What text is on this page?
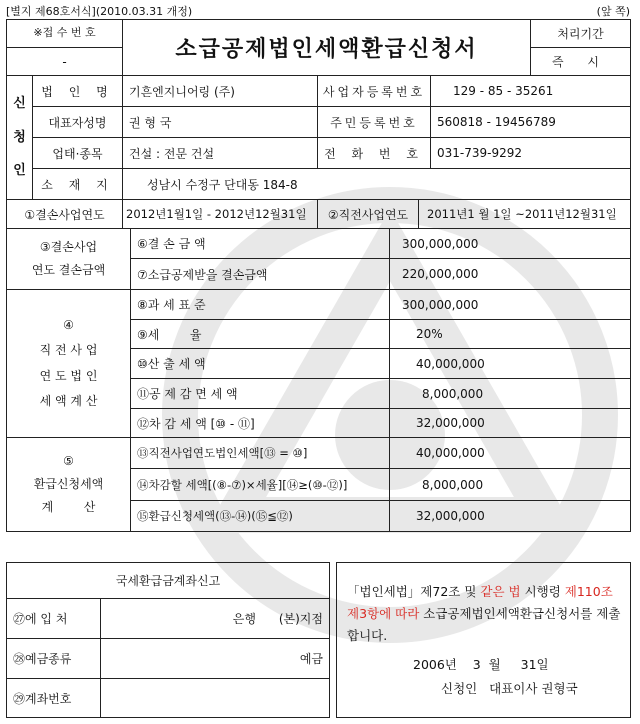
[별지 제68호서식](2010.03.31 개정)	(앞 쪽)
※접 수 번 호
-	소급공제법인세액환급신청서
처리기간
즉 시
신
청
인
법 인 명	기흔엔지니어링 (주)	사업자등록번호	129 - 85 - 35261
대표자성명	권 형 국	주민등록번호	560818 - 19456789
업태·종목	건설 : 전문 건설	전 화 번 호	031-739-9292
소 재 지	성남시 수정구 단대동 184-8
①결손사업연도	2012년1월1일 - 2012년12월31일	②직전사업연도	2011년1 월 1일 ~2011년12월31일
③결손사업
연도 결손금액
⑥결 손 금 액	300,000,000
⑦소급공제받을 결손금액	220,000,000
④
직 전 사 업
연 도 법 인
세 액 계 산
⑧과 세 표 준	300,000,000
⑨세        율	20%
⑩산 출 세 액	40,000,000
⑪공 제 감 면 세 액	8,000,000
⑫차 감 세 액 [⑩ - ⑪]	32,000,000
⑤
환급신청세액
계        산
⑬직전사업연도법인세액[⑬ = ⑩]	40,000,000
⑭차감할 세액[(⑧-⑦)×세율][⑭≥(⑩-⑫)]	8,000,000
⑮환급신청세액(⑬-⑭)(⑮≦⑫)	32,000,000
국세환급금계좌신고
㉗에 입 처	은행      (본)지점
㉘예금종류	예금
㉙계좌번호
「법인세법」제72조 및 같은 법 시행령 제110조제3항에 따라 소급공제법인세액환급신청서를 제출합니다.
2006년    3  월     31일
신청인   대표이사 권형국
